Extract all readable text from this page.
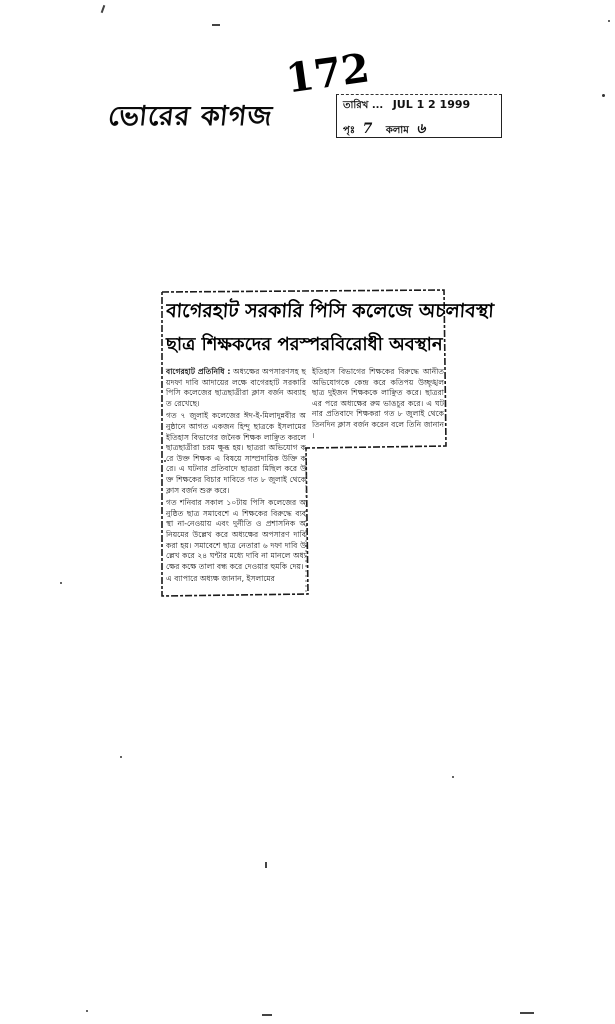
ভোরের কাগজ
172
তারিখ ... JUL 1 2 1999
পৃঃ 7 কলাম ৬
বাগেরহাট সরকারি পিসি কলেজে অচলাবস্থা
ছাত্র শিক্ষকদের পরস্পরবিরোধী অবস্থান

বাগেরহাট প্রতিনিধি : অধ্যক্ষের অপসারণসহ ছয়দফা দাবি আদায়ের লক্ষে বাগেরহাট সরকারি পিসি কলেজের ছাত্রছাত্রীরা ক্লাস বর্জন অব্যাহত রেখেছে।

গত ৭ জুলাই কলেজের ঈদ-ই-মিলাদুন্নবীর অনুষ্ঠানে আগত একজন হিন্দু ছাত্রকে ইসলামের ইতিহাস বিভাগের জনৈক শিক্ষক লাঞ্ছিত করলে ছাত্রছাত্রীরা চরম ক্ষুব্ধ হয়। ছাত্ররা অভিযোগ করে উক্ত শিক্ষক এ বিষয়ে সাম্প্রদায়িক উক্তি করে। এ ঘটনার প্রতিবাদে ছাত্ররা মিছিল করে উক্ত শিক্ষকের বিচার দাবিতে গত ৮ জুলাই থেকে ক্লাস বর্জন শুরু করে।

গত শনিবার সকাল ১০টায় পিসি কলেজের অনুষ্ঠিত ছাত্র সমাবেশে এ শিক্ষকের বিরুদ্ধে ব্যবস্থা না-নেওয়ায় এবং দুর্নীতি ও প্রশাসনিক অনিয়মের উল্লেখ করে অধ্যক্ষের অপসারণ দাবি করা হয়। সমাবেশে ছাত্র নেতারা ৬ দফা দাবি উল্লেখ করে ২৪ ঘন্টার মধ্যে দাবি না মানলে অধ্যক্ষের কক্ষে তালা বন্ধ করে দেওয়ার হুমকি দেয়।

এ ব্যাপারে অধ্যক্ষ জানান, ইসলামের

ইতিহাস বিভাগের শিক্ষকের বিরুদ্ধে আনীত অভিযোগকে কেন্দ্র করে কতিপয় উচ্ছৃঙ্খল ছাত্র দুইজন শিক্ষককে লাঞ্ছিত করে। ছাত্ররা এর পরে অধ্যক্ষের রুম ভাঙচুর করে। এ ঘটনার প্রতিবাদে শিক্ষকরা গত ৮ জুলাই থেকে তিনদিন ক্লাস বর্জন করেন বলে তিনি জানান।
